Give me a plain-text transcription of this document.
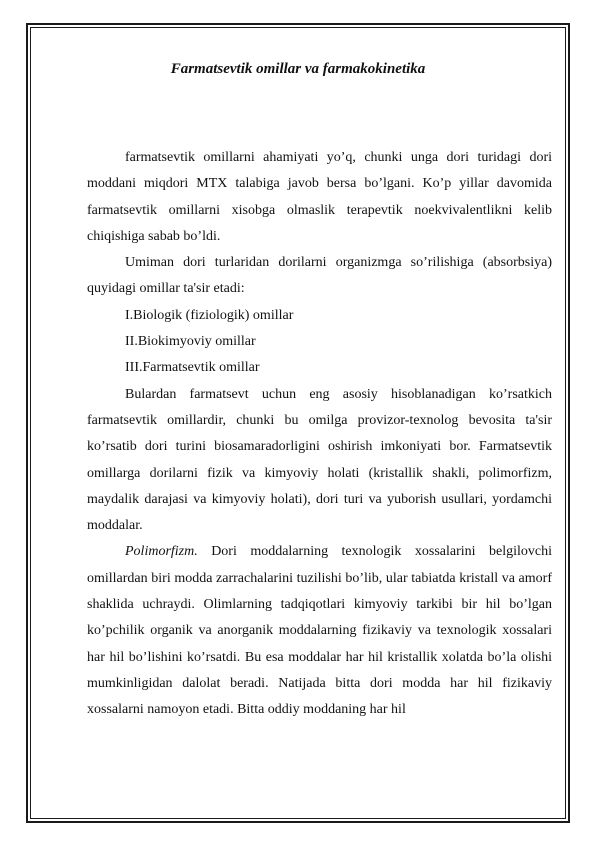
Farmatsevtik omillar va farmakokinetika

farmatsevtik omillarni ahamiyati yo’q, chunki unga dori turidagi dori moddani miqdori MTX talabiga javob bersa bo’lgani. Ko’p yillar davomida farmatsevtik omillarni xisobga olmaslik terapevtik noekvivalentlikni kelib chiqishiga sabab bo’ldi.

Umiman dori turlaridan dorilarni organizmga so’rilishiga (absorbsiya) quyidagi omillar ta'sir etadi:

I.Biologik (fiziologik) omillar

II.Biokimyoviy omillar

III.Farmatsevtik omillar

Bulardan farmatsevt uchun eng asosiy hisoblanadigan ko’rsatkich farmatsevtik omillardir, chunki bu omilga provizor-texnolog bevosita ta'sir ko’rsatib dori turini biosamaradorligini oshirish imkoniyati bor. Farmatsevtik omillarga dorilarni fizik va kimyoviy holati (kristallik shakli, polimorfizm, maydalik darajasi va kimyoviy holati), dori turi va yuborish usullari, yordamchi moddalar.

Polimorfizm. Dori moddalarning texnologik xossalarini belgilovchi omillardan biri modda zarrachalarini tuzilishi bo’lib, ular tabiatda kristall va amorf shaklida uchraydi. Olimlarning tadqiqotlari kimyoviy tarkibi bir hil bo’lgan ko’pchilik organik va anorganik moddalarning fizikaviy va texnologik xossalari har hil bo’lishini ko’rsatdi. Bu esa moddalar har hil kristallik xolatda bo’la olishi mumkinligidan dalolat beradi. Natijada bitta dori modda har hil fizikaviy xossalarni namoyon etadi. Bitta oddiy moddaning har hil
